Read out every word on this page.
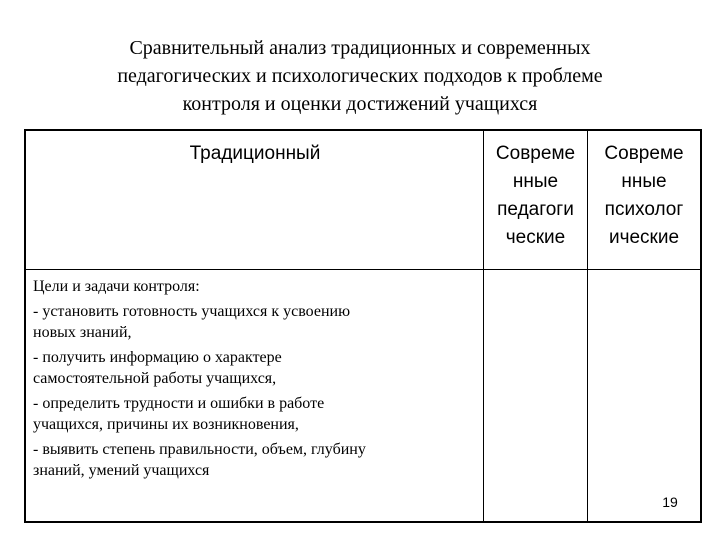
Сравнительный анализ традиционных и современных
педагогических и психологических подходов к проблеме
контроля и оценки достижений учащихся
Традиционный	Совреме
нные
педагоги
ческие
Совреме
нные
психолог
ические
Цели и задачи контроля:
- установить готовность учащихся к усвоению
новых знаний,
- получить информацию о характере
самостоятельной работы учащихся,
- определить трудности и ошибки в работе
учащихся, причины их возникновения,
- выявить степень правильности, объем, глубину
знаний, умений учащихся
19
